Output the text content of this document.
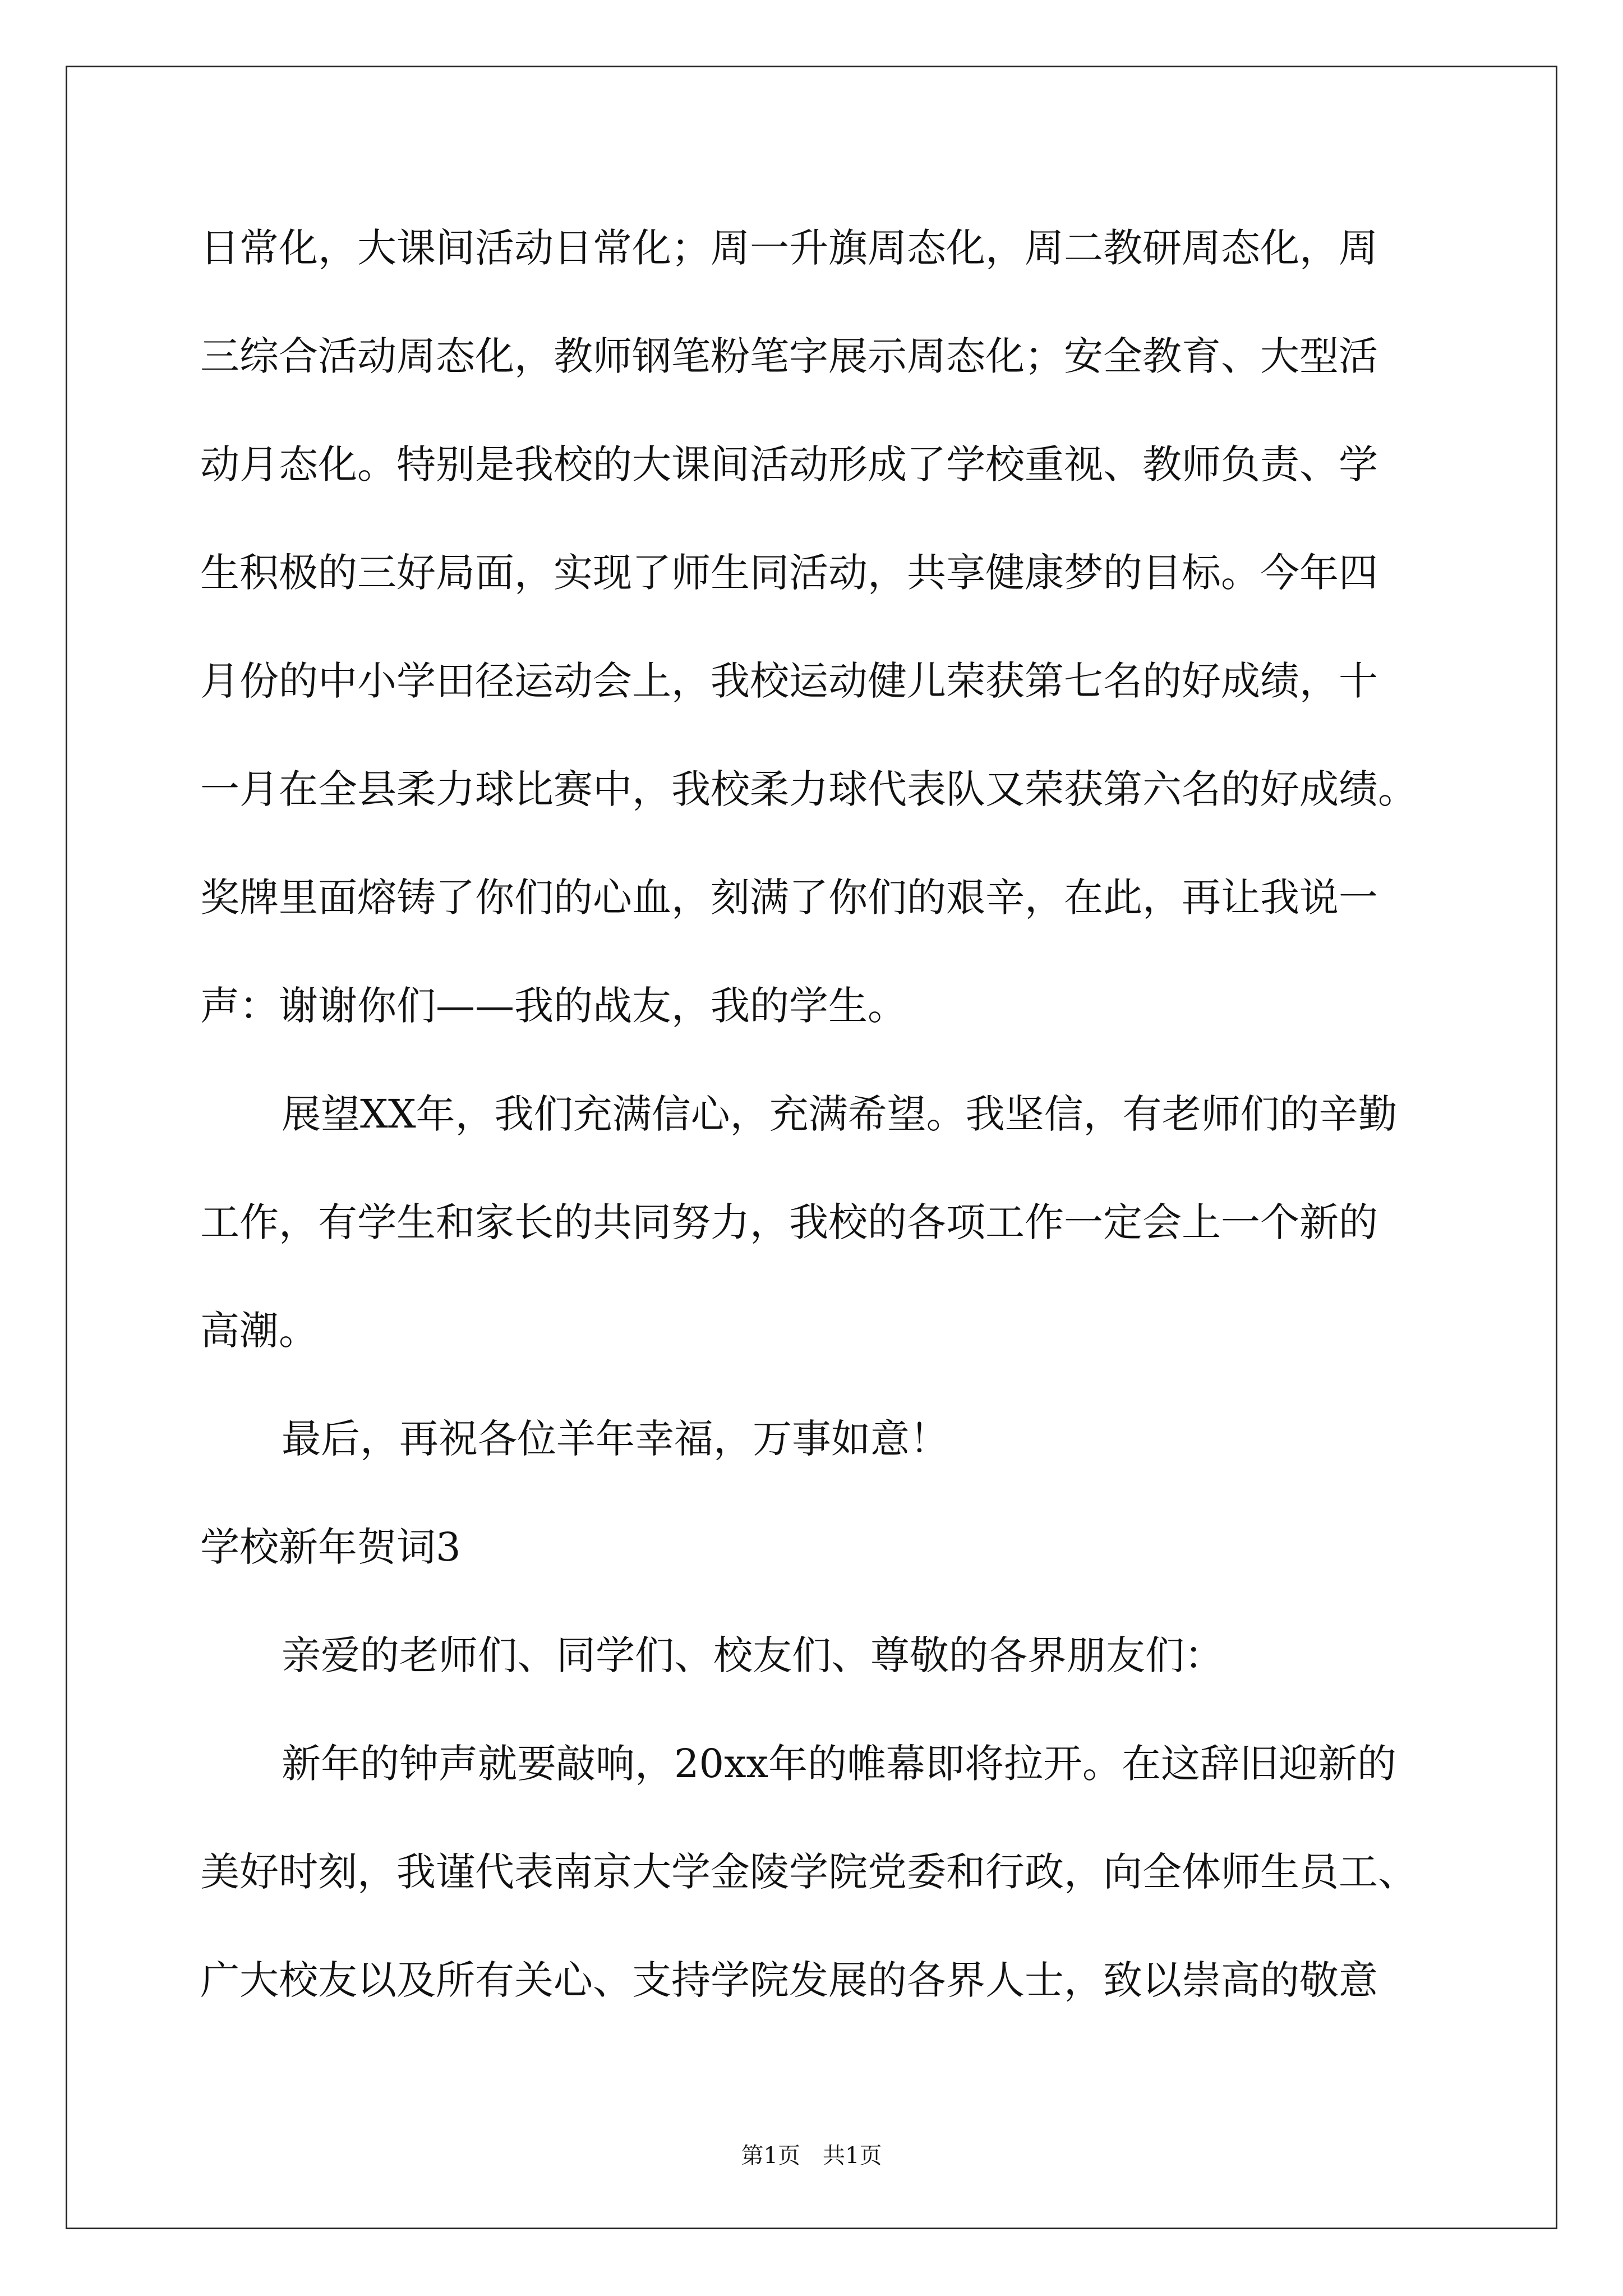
日常化，大课间活动日常化；周一升旗周态化，周二教研周态化，周
三综合活动周态化，教师钢笔粉笔字展示周态化；安全教育、大型活
动月态化。特别是我校的大课间活动形成了学校重视、教师负责、学
生积极的三好局面，实现了师生同活动，共享健康梦的目标。今年四
月份的中小学田径运动会上，我校运动健儿荣获第七名的好成绩，十
一月在全县柔力球比赛中，我校柔力球代表队又荣获第六名的好成绩。
奖牌里面熔铸了你们的心血，刻满了你们的艰辛，在此，再让我说一
声：谢谢你们——我的战友，我的学生。
展望XX年，我们充满信心，充满希望。我坚信，有老师们的辛勤
工作，有学生和家长的共同努力，我校的各项工作一定会上一个新的
高潮。
最后，再祝各位羊年幸福，万事如意！
学校新年贺词3
亲爱的老师们、同学们、校友们、尊敬的各界朋友们：
新年的钟声就要敲响，20xx年的帷幕即将拉开。在这辞旧迎新的
美好时刻，我谨代表南京大学金陵学院党委和行政，向全体师生员工、
广大校友以及所有关心、支持学院发展的各界人士，致以崇高的敬意
第1页　共1页
